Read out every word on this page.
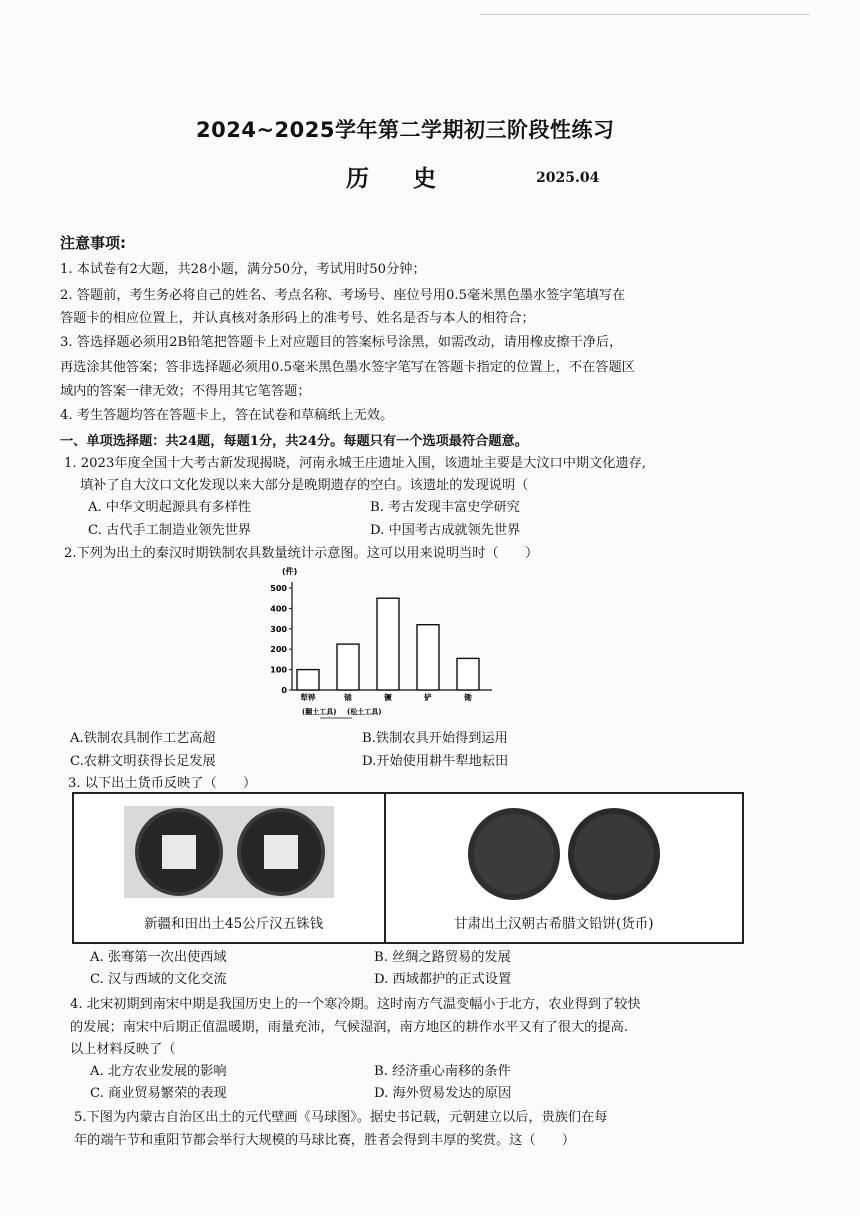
2024~2025学年第二学期初三阶段性练习
历 史	2025.04
注意事项:
1. 本试卷有2大题，共28小题，满分50分，考试用时50分钟；
2. 答题前，考生务必将自己的姓名、考点名称、考场号、座位号用0.5毫米黑色墨水签字笔填写在
答题卡的相应位置上，并认真核对条形码上的准考号、姓名是否与本人的相符合；
3. 答选择题必须用2B铅笔把答题卡上对应题目的答案标号涂黑，如需改动，请用橡皮擦干净后，
再选涂其他答案；答非选择题必须用0.5毫米黑色墨水签字笔写在答题卡指定的位置上，不在答题区
域内的答案一律无效；不得用其它笔答题；
4. 考生答题均答在答题卡上，答在试卷和草稿纸上无效。
一、单项选择题：共24题，每题1分，共24分。每题只有一个选项最符合题意。
1. 2023年度全国十大考古新发现揭晓，河南永城王庄遗址入围，该遗址主要是大汶口中期文化遗存,
填补了自大汶口文化发现以来大部分是晚期遗存的空白。该遗址的发现说明（
A. 中华文明起源具有多样性	B. 考古发现丰富史学研究
C. 古代手工制造业领先世界	D. 中国考古成就领先世界
2.下列为出土的秦汉时期铁制农具数量统计示意图。这可以用来说明当时（　　）
(件)
0
100
200
300
400
500
犁铧	锸	镢	铲	锄
(翻土工具) (松土工具)
A.铁制农具制作工艺高超	B.铁制农具开始得到运用
C.农耕文明获得长足发展	D.开始使用耕牛犁地耘田
3. 以下出土货币反映了（　　）
新疆和田出土45公斤汉五铢钱	甘肃出土汉朝古希腊文铅饼(货币)
A. 张骞第一次出使西域	B. 丝绸之路贸易的发展
C. 汉与西域的文化交流	D. 西域都护的正式设置
4. 北宋初期到南宋中期是我国历史上的一个寒冷期。这时南方气温变幅小于北方，农业得到了较快
的发展；南宋中后期正值温暖期，雨量充沛，气候湿润，南方地区的耕作水平又有了很大的提高.
以上材料反映了（
A. 北方农业发展的影响	B. 经济重心南移的条件
C. 商业贸易繁荣的表现	D. 海外贸易发达的原因
5.下图为内蒙古自治区出土的元代壁画《马球图》。据史书记载，元朝建立以后，贵族们在每
年的端午节和重阳节都会举行大规模的马球比赛，胜者会得到丰厚的奖赏。这（　　）
